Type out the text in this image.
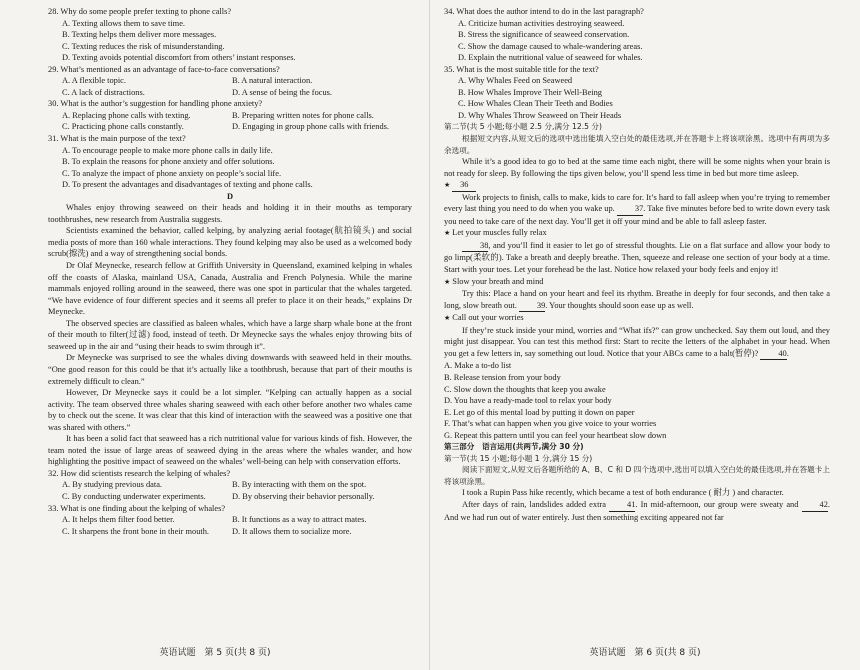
28. Why do some people prefer texting to phone calls?

A. Texting allows them to save time.

B. Texting helps them deliver more messages.

C. Texting reduces the risk of misunderstanding.

D. Texting avoids potential discomfort from others’ instant responses.

29. What’s mentioned as an advantage of face-to-face conversations?

A. A flexible topic.	B. A natural interaction.
C. A lack of distractions.	D. A sense of being the focus.

30. What is the author’s suggestion for handling phone anxiety?

A. Replacing phone calls with texting.	B. Preparing written notes for phone calls.
C. Practicing phone calls constantly.	D. Engaging in group phone calls with friends.

31. What is the main purpose of the text?

A. To encourage people to make more phone calls in daily life.

B. To explain the reasons for phone anxiety and offer solutions.

C. To analyze the impact of phone anxiety on people’s social life.

D. To present the advantages and disadvantages of texting and phone calls.

D

Whales enjoy throwing seaweed on their heads and holding it in their mouths as temporary toothbrushes, new research from Australia suggests.

Scientists examined the behavior, called kelping, by analyzing aerial footage(航拍镜头) and social media posts of more than 160 whale interactions. They found kelping may also be used as a welcomed body scrub(擦洗) and a way of strengthening social bonds.

Dr Olaf Meynecke, research fellow at Griffith University in Queensland, examined kelping in whales off the coasts of Alaska, mainland USA, Canada, Australia and French Polynesia. While the marine mammals enjoyed rolling around in the seaweed, there was one spot in particular that the whales targeted. “We have evidence of four different species and it seems all prefer to place it on their heads,” explains Dr Meynecke.

The observed species are classified as baleen whales, which have a large sharp whale bone at the front of their mouth to filter(过滤) food, instead of teeth. Dr Meynecke says the whales enjoy throwing bits of seaweed up in the air and “using their heads to swim through it”.

Dr Meynecke was surprised to see the whales diving downwards with seaweed held in their mouths. “One good reason for this could be that it’s actually like a toothbrush, because that part of their mouths is extremely difficult to clean.”

However, Dr Meynecke says it could be a lot simpler. “Kelping can actually happen as a social activity. The team observed three whales sharing seaweed with each other before another two whales came by to check out the scene. It was clear that this kind of interaction with the seaweed was a positive one that was shared with others.”

It has been a solid fact that seaweed has a rich nutritional value for various kinds of fish. However, the team noted the issue of large areas of seaweed dying in the areas where the whales wander, and how highlighting the positive impact of seaweed on the whales’ well-being can help with conservation efforts.

32. How did scientists research the kelping of whales?

A. By studying previous data.	B. By interacting with them on the spot.
C. By conducting underwater experiments.	D. By observing their behavior personally.

33. What is one finding about the kelping of whales?

A. It helps them filter food better.	B. It functions as a way to attract mates.
C. It sharpens the front bone in their mouth.	D. It allows them to socialize more.
英语试题　第 5 页(共 8 页)

34. What does the author intend to do in the last paragraph?

A. Criticize human activities destroying seaweed.

B. Stress the significance of seaweed conservation.

C. Show the damage caused to whale-wandering areas.

D. Explain the nutritional value of seaweed for whales.

35. What is the most suitable title for the text?

A. Why Whales Feed on Seaweed

B. How Whales Improve Their Well-Being

C. How Whales Clean Their Teeth and Bodies

D. Why Whales Throw Seaweed on Their Heads

第二节(共 5 小题;每小题 2.5 分,满分 12.5 分)

根据短文内容,从短文后的选项中选出能填入空白处的最佳选项,并在答题卡上将该项涂黑。选项中有两项为多余选项。

While it’s a good idea to go to bed at the same time each night, there will be some nights when your brain is not ready for sleep. By following the tips given below, you’ll spend less time in bed but more time asleep.

★ 36

Work projects to finish, calls to make, kids to care for. It’s hard to fall asleep when you’re trying to remember every last thing you need to do when you wake up. 37. Take five minutes before bed to write down every task you need to take care of the next day. You’ll get it off your mind and be able to fall asleep faster.

★ Let your muscles fully relax

38, and you’ll find it easier to let go of stressful thoughts. Lie on a flat surface and allow your body to go limp(柔软的). Take a breath and deeply breathe. Then, squeeze and release one section of your body at a time. Start with your toes. Let your forehead be the last. Notice how relaxed your body feels and enjoy it!

★ Slow your breath and mind

Try this: Place a hand on your heart and feel its rhythm. Breathe in deeply for four seconds, and then take a long, slow breath out. 39. Your thoughts should soon ease up as well.

★ Call out your worries

If they’re stuck inside your mind, worries and “What ifs?” can grow unchecked. Say them out loud, and they might just disappear. You can test this method first: Start to recite the letters of the alphabet in your head. When you get a few letters in, say something out loud. Notice that your ABCs came to a halt(暂停)? 40.

A. Make a to-do list

B. Release tension from your body

C. Slow down the thoughts that keep you awake

D. You have a ready-made tool to relax your body

E. Let go of this mental load by putting it down on paper

F. That’s what can happen when you give voice to your worries

G. Repeat this pattern until you can feel your heartbeat slow down

第三部分　语言运用(共两节,满分 30 分)

第一节(共 15 小题;每小题 1 分,满分 15 分)

阅读下面短文,从短文后各题所给的 A、B、C 和 D 四个选项中,选出可以填入空白处的最佳选项,并在答题卡上将该项涂黑。

I took a Rupin Pass hike recently, which became a test of both endurance ( 耐力 ) and character.

After days of rain, landslides added extra	41. In mid-afternoon, our group were sweaty and	42. And we had run out of water entirely. Just then something exciting appeared not far

英语试题　第 6 页(共 8 页)
